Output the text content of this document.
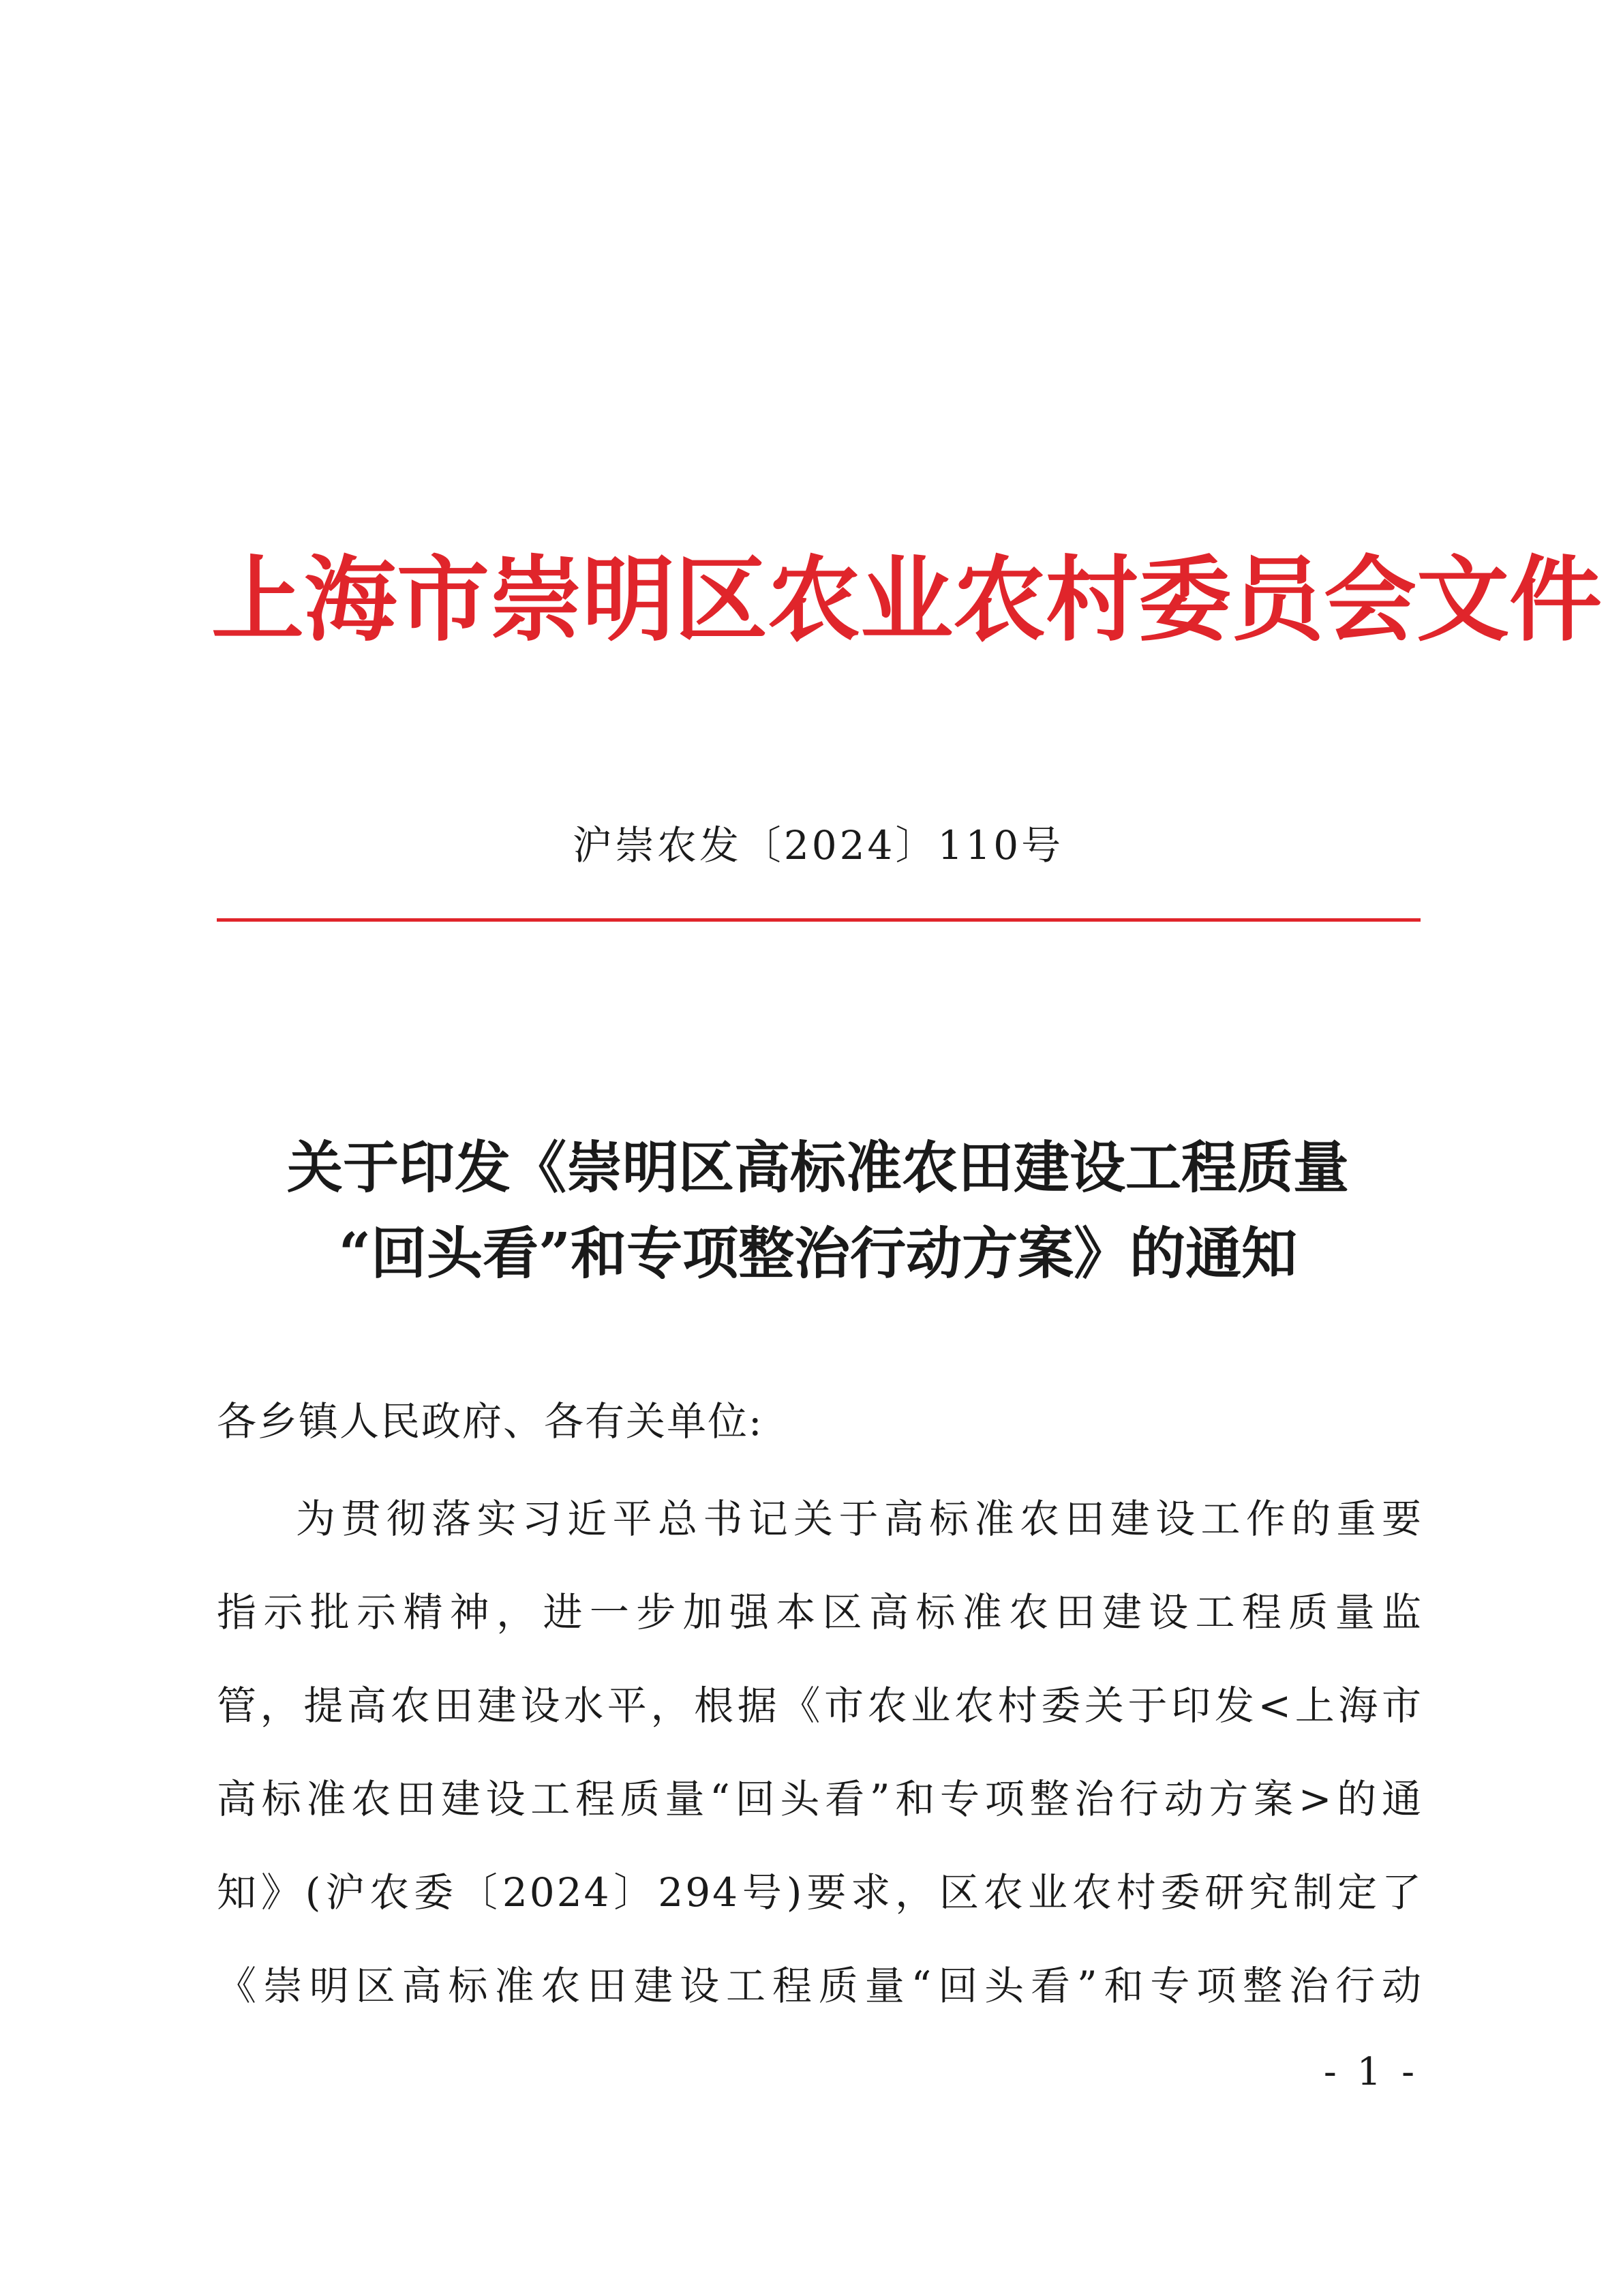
上海市崇明区农业农村委员会文件
沪崇农发〔2024〕110号
关于印发《崇明区高标准农田建设工程质量
“回头看”和专项整治行动方案》的通知
各乡镇人民政府、各有关单位:
为贯彻落实习近平总书记关于高标准农田建设工作的重要
指示批示精神，进一步加强本区高标准农田建设工程质量监
管，提高农田建设水平，根据《市农业农村委关于印发<上海市
高标准农田建设工程质量“回头看”和专项整治行动方案>的通
知》(沪农委〔2024〕294号)要求，区农业农村委研究制定了
《崇明区高标准农田建设工程质量“回头看”和专项整治行动
- 1 -
